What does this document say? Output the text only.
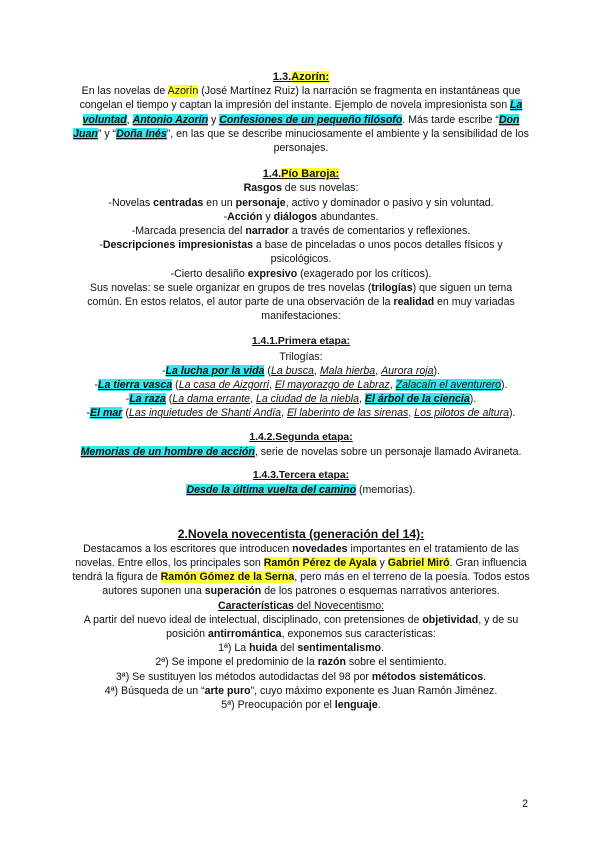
1.3.Azorín:

En las novelas de Azorín (José Martínez Ruiz) la narración se fragmenta en instantáneas que congelan el tiempo y captan la impresión del instante. Ejemplo de novela impresionista son La voluntad, Antonio Azorín y Confesiones de un pequeño filósofo. Más tarde escribe “Don Juan” y “Doña Inés”, en las que se describe minuciosamente el ambiente y la sensibilidad de los personajes.

1.4.Pío Baroja:

Rasgos de sus novelas:

-Novelas centradas en un personaje, activo y dominador o pasivo y sin voluntad.

-Acción y diálogos abundantes.

-Marcada presencia del narrador a través de comentarios y reflexiones.

-Descripciones impresionistas a base de pinceladas o unos pocos detalles físicos y psicológicos.

-Cierto desaliño expresivo (exagerado por los críticos).

Sus novelas: se suele organizar en grupos de tres novelas (trilogías) que siguen un tema común. En estos relatos, el autor parte de una observación de la realidad en muy variadas manifestaciones:

1.4.1.Primera etapa:

Trilogías:

-La lucha por la vida (La busca, Mala hierba, Aurora roja).

-La tierra vasca (La casa de Aizgorri, El mayorazgo de Labraz, Zalacaín el aventurero).

-La raza (La dama errante, La ciudad de la niebla, El árbol de la ciencia).

-El mar (Las inquietudes de Shanti Andía, El laberinto de las sirenas, Los pilotos de altura).

1.4.2.Segunda etapa:

Memorias de un hombre de acción, serie de novelas sobre un personaje llamado Aviraneta.

1.4.3.Tercera etapa:

Desde la última vuelta del camino (memorias).

2.Novela novecentista (generación del 14):

Destacamos a los escritores que introducen novedades importantes en el tratamiento de las novelas. Entre ellos, los principales son Ramón Pérez de Ayala y Gabriel Miró. Gran influencia tendrá la figura de Ramón Gómez de la Serna, pero más en el terreno de la poesía. Todos estos autores suponen una superación de los patrones o esquemas narrativos anteriores.

Características del Novecentismo:

A partir del nuevo ideal de intelectual, disciplinado, con pretensiones de objetividad, y de su posición antirromántica, exponemos sus características:

1ª) La huida del sentimentalismo.

2ª) Se impone el predominio de la razón sobre el sentimiento.

3ª) Se sustituyen los métodos autodidactas del 98 por métodos sistemáticos.

4ª) Búsqueda de un “arte puro”, cuyo máximo exponente es Juan Ramón Jiménez.

5ª) Preocupación por el lenguaje.

2
